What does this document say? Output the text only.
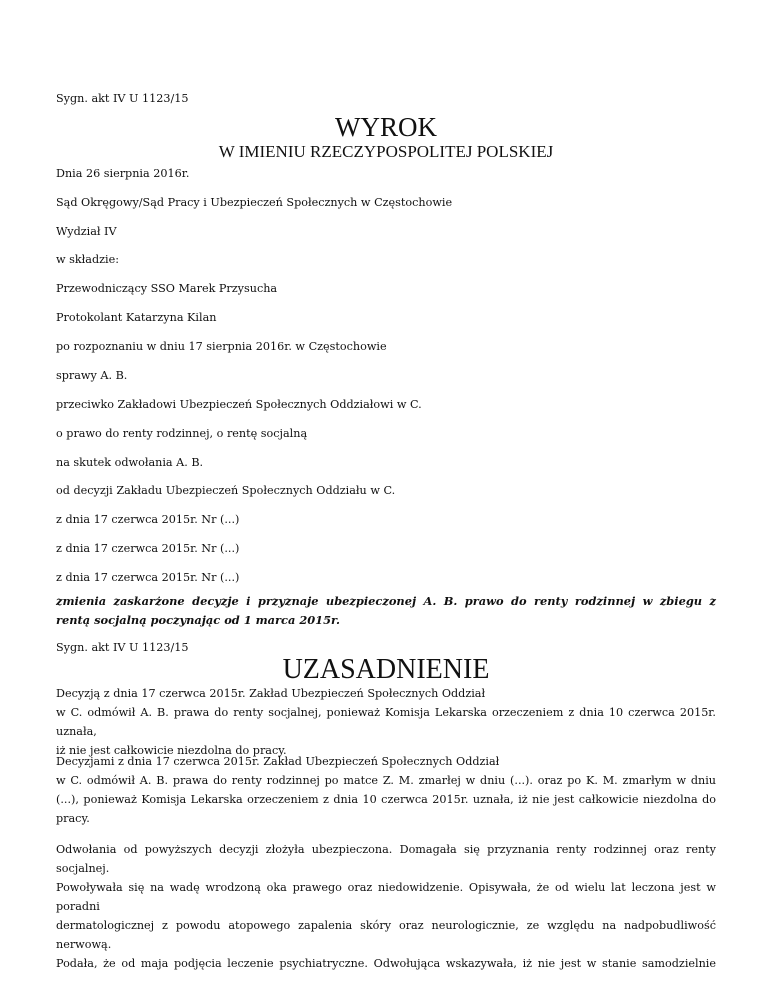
Sygn. akt IV U 1123/15

WYROK
W IMIENIU RZECZYPOSPOLITEJ POLSKIEJ

Dnia 26 sierpnia 2016r.

Sąd Okręgowy/Sąd Pracy i Ubezpieczeń Społecznych w Częstochowie

Wydział IV

w składzie:

Przewodniczący SSO Marek Przysucha

Protokolant Katarzyna Kilan

po rozpoznaniu w dniu 17 sierpnia 2016r. w Częstochowie

sprawy A. B.

przeciwko Zakładowi Ubezpieczeń Społecznych Oddziałowi w C.

o prawo do renty rodzinnej, o rentę socjalną

na skutek odwołania A. B.

od decyzji Zakładu Ubezpieczeń Społecznych Oddziału w C.

z dnia 17 czerwca 2015r. Nr (...)

z dnia 17 czerwca 2015r. Nr (...)

z dnia 17 czerwca 2015r. Nr (...)

zmienia zaskarżone decyzje i przyznaje ubezpieczonej A. B. prawo do renty rodzinnej w zbiegu z
rentą socjalną poczynając od 1 marca 2015r.

Sygn. akt IV U 1123/15

UZASADNIENIE
Decyzją z dnia 17 czerwca 2015r. Zakład Ubezpieczeń Społecznych Oddział
w C. odmówił A. B. prawa do renty socjalnej, ponieważ Komisja Lekarska orzeczeniem z dnia 10 czerwca 2015r. uznała,
iż nie jest całkowicie niezdolna do pracy.
Decyzjami z dnia 17 czerwca 2015r. Zakład Ubezpieczeń Społecznych Oddział
w C. odmówił A. B. prawa do renty rodzinnej po matce Z. M. zmarłej w dniu (...). oraz po K. M. zmarłym w dniu
(...), ponieważ Komisja Lekarska orzeczeniem z dnia 10 czerwca 2015r. uznała, iż nie jest całkowicie niezdolna do
pracy.
Odwołania od powyższych decyzji złożyła ubezpieczona. Domagała się przyznania renty rodzinnej oraz renty socjalnej.
Powoływała się na wadę wrodzoną oka prawego oraz niedowidzenie. Opisywała, że od wielu lat leczona jest w poradni
dermatologicznej z powodu atopowego zapalenia skóry oraz neurologicznie, ze względu na nadpobudliwość nerwową.
Podała, że od maja podjęcia leczenie psychiatryczne. Odwołująca wskazywała, iż nie jest w stanie samodzielnie
